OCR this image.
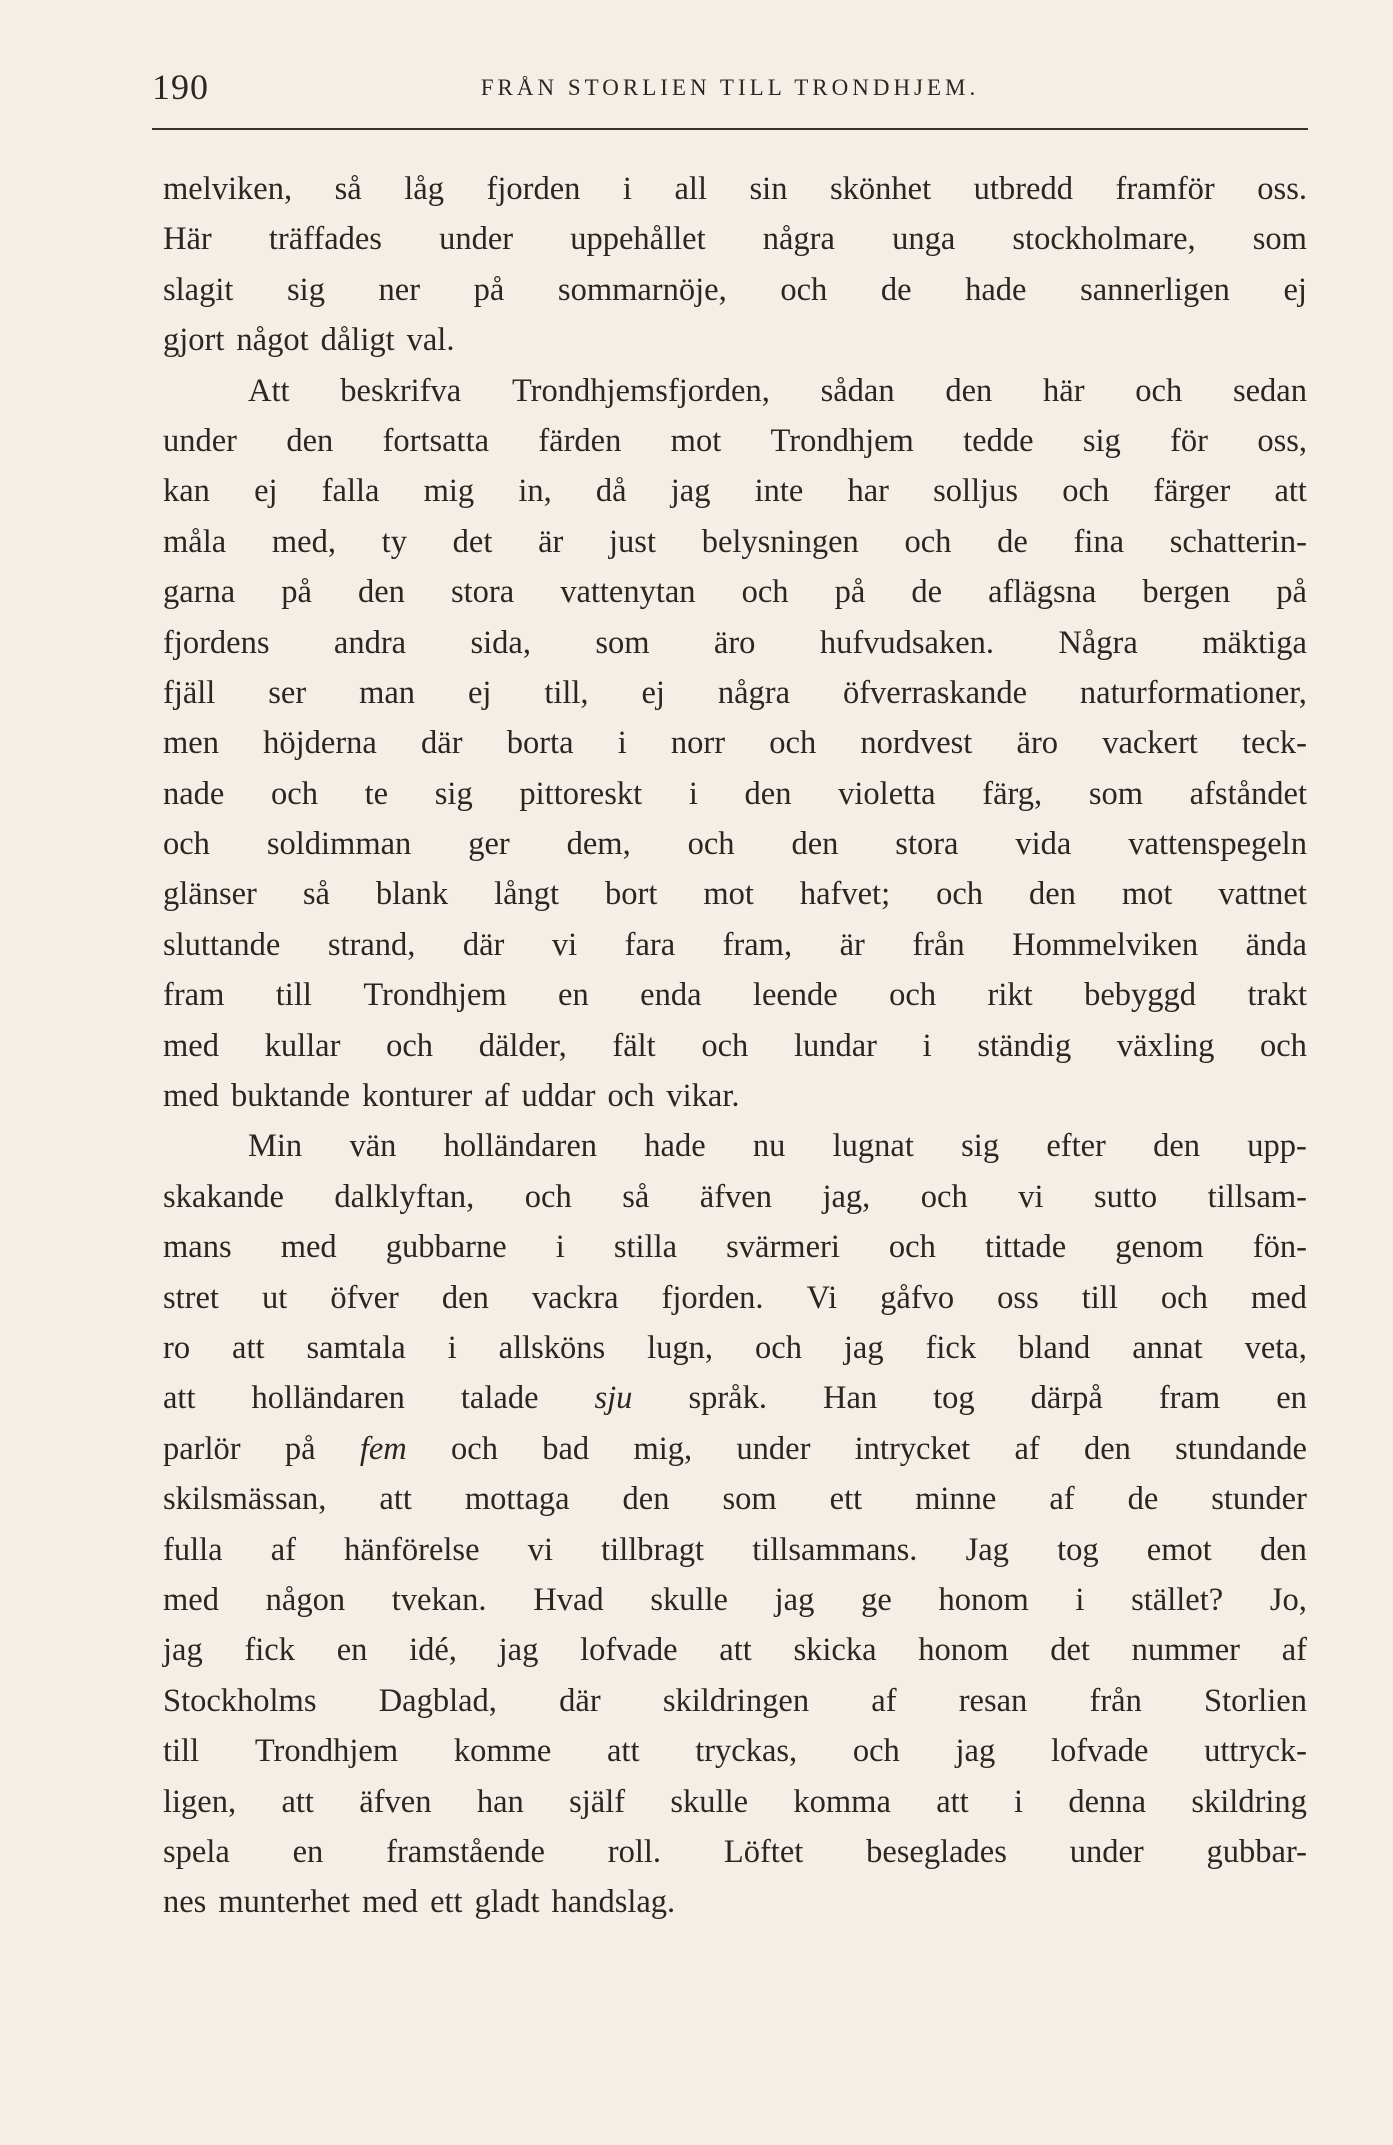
190	FRÅN STORLIEN TILL TRONDHJEM.
melviken, så låg fjorden i all sin skönhet utbredd framför oss.
Här träffades under uppehållet några unga stockholmare, som
slagit sig ner på sommarnöje, och de hade sannerligen ej
gjort något dåligt val.
Att beskrifva Trondhjemsfjorden, sådan den här och sedan
under den fortsatta färden mot Trondhjem tedde sig för oss,
kan ej falla mig in, då jag inte har solljus och färger att
måla med, ty det är just belysningen och de fina schatterin-
garna på den stora vattenytan och på de aflägsna bergen på
fjordens andra sida, som äro hufvudsaken. Några mäktiga
fjäll ser man ej till, ej några öfverraskande naturformationer,
men höjderna där borta i norr och nordvest äro vackert teck-
nade och te sig pittoreskt i den violetta färg, som afståndet
och soldimman ger dem, och den stora vida vattenspegeln
glänser så blank långt bort mot hafvet; och den mot vattnet
sluttande strand, där vi fara fram, är från Hommelviken ända
fram till Trondhjem en enda leende och rikt bebyggd trakt
med kullar och dälder, fält och lundar i ständig växling och
med buktande konturer af uddar och vikar.
Min vän holländaren hade nu lugnat sig efter den upp-
skakande dalklyftan, och så äfven jag, och vi sutto tillsam-
mans med gubbarne i stilla svärmeri och tittade genom fön-
stret ut öfver den vackra fjorden. Vi gåfvo oss till och med
ro att samtala i allsköns lugn, och jag fick bland annat veta,
att holländaren talade sju språk. Han tog därpå fram en
parlör på fem och bad mig, under intrycket af den stundande
skilsmässan, att mottaga den som ett minne af de stunder
fulla af hänförelse vi tillbragt tillsammans. Jag tog emot den
med någon tvekan. Hvad skulle jag ge honom i stället? Jo,
jag fick en idé, jag lofvade att skicka honom det nummer af
Stockholms Dagblad, där skildringen af resan från Storlien
till Trondhjem komme att tryckas, och jag lofvade uttryck-
ligen, att äfven han själf skulle komma att i denna skildring
spela en framstående roll. Löftet beseglades under gubbar-
nes munterhet med ett gladt handslag.
